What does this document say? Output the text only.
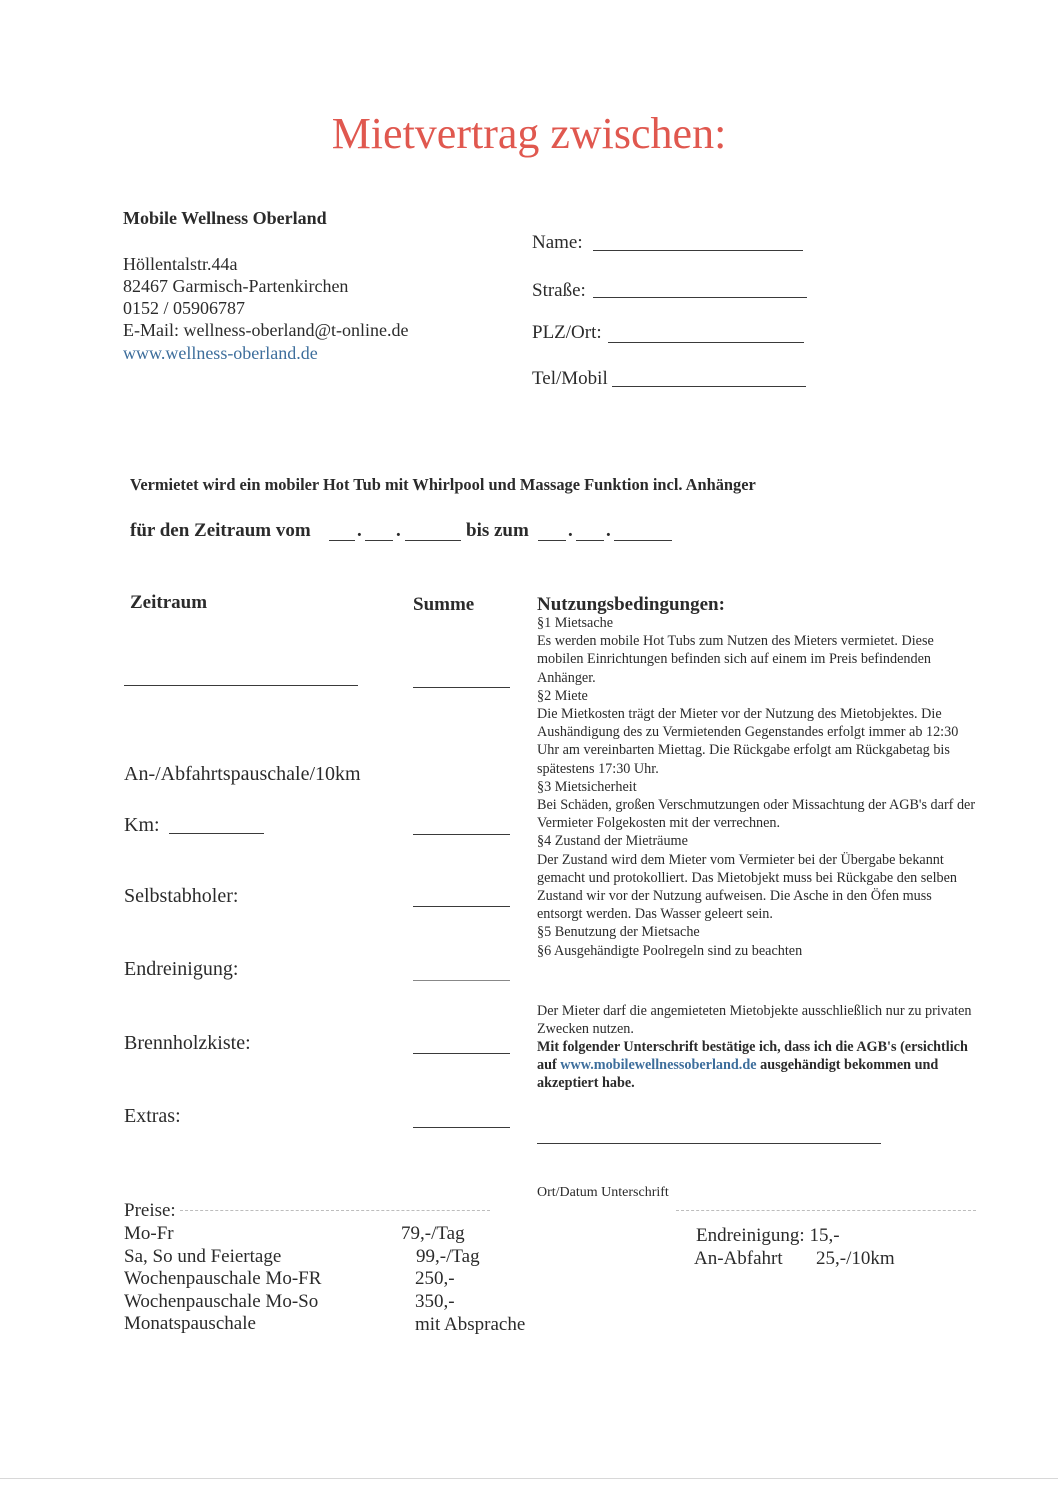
Mietvertrag zwischen:
Mobile Wellness Oberland
Höllentalstr.44a
82467 Garmisch-Partenkirchen
0152 / 05906787
E-Mail: wellness-oberland@t-online.de
www.wellness-oberland.de
Name:
Straße:
PLZ/Ort:
Tel/Mobil
Vermietet wird ein mobiler Hot Tub mit Whirlpool und Massage Funktion incl. Anhänger
für den Zeitraum vom . .	bis zum . .
Zeitraum	Summe	Nutzungsbedingungen:
An-/Abfahrtspauschale/10km
Km:
Selbstabholer:
Endreinigung:
Brennholzkiste:
Extras:

§1 Mietsache

Es werden mobile Hot Tubs zum Nutzen des Mieters vermietet. Diese mobilen Einrichtungen befinden sich auf einem im Preis befindenden Anhänger.

§2 Miete

Die Mietkosten trägt der Mieter vor der Nutzung des Mietobjektes. Die Aushändigung des zu Vermietenden Gegenstandes erfolgt immer ab 12:30 Uhr am vereinbarten Miettag. Die Rückgabe erfolgt am Rückgabetag bis spätestens 17:30 Uhr.

§3 Mietsicherheit

Bei Schäden, großen Verschmutzungen oder Missachtung der AGB's darf der Vermieter Folgekosten mit der verrechnen.

§4 Zustand der Mieträume

Der Zustand wird dem Mieter vom Vermieter bei der Übergabe bekannt gemacht und protokolliert. Das Mietobjekt muss bei Rückgabe den selben Zustand wir vor der Nutzung aufweisen. Die Asche in den Öfen muss entsorgt werden. Das Wasser geleert sein.

§5 Benutzung der Mietsache

§6 Ausgehändigte Poolregeln sind zu beachten

Der Mieter darf die angemieteten Mietobjekte ausschließlich nur zu privaten Zwecken nutzen.
Mit folgender Unterschrift bestätige ich, dass ich die AGB's (ersichtlich auf www.mobilewellnessoberland.de ausgehändigt bekommen und akzeptiert habe.
Ort/Datum Unterschrift
Preise:
Mo-Fr	79,-/Tag
Sa, So und Feiertage	99,-/Tag
Wochenpauschale Mo-FR	250,-
Wochenpauschale Mo-So	350,-
Monatspauschale	mit Absprache
Endreinigung: 15,-
An-Abfahrt 25,-/10km
